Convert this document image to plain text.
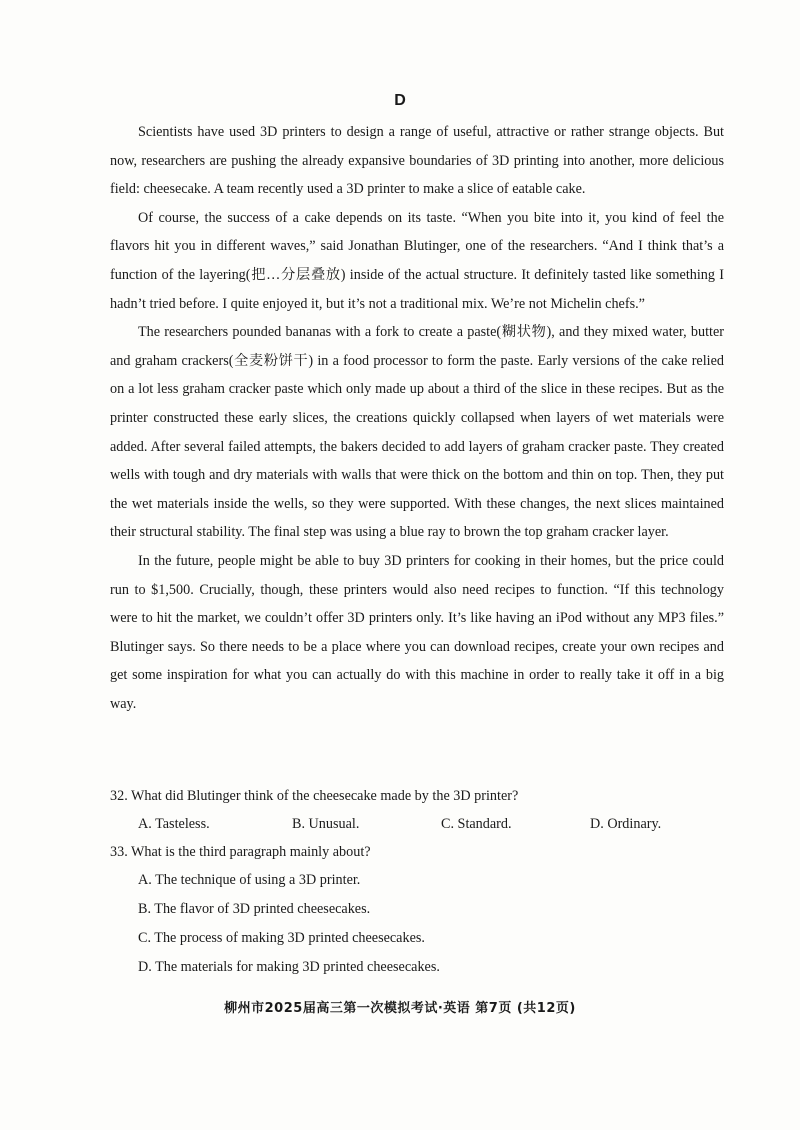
D

Scientists have used 3D printers to design a range of useful, attractive or rather strange objects. But now, researchers are pushing the already expansive boundaries of 3D printing into another, more delicious field: cheesecake. A team recently used a 3D printer to make a slice of eatable cake.

Of course, the success of a cake depends on its taste. “When you bite into it, you kind of feel the flavors hit you in different waves,” said Jonathan Blutinger, one of the researchers. “And I think that’s a function of the layering(把…分层叠放) inside of the actual structure. It definitely tasted like something I hadn’t tried before. I quite enjoyed it, but it’s not a traditional mix. We’re not Michelin chefs.”

The researchers pounded bananas with a fork to create a paste(糊状物), and they mixed water, butter and graham crackers(全麦粉饼干) in a food processor to form the paste. Early versions of the cake relied on a lot less graham cracker paste which only made up about a third of the slice in these recipes. But as the printer constructed these early slices, the creations quickly collapsed when layers of wet materials were added. After several failed attempts, the bakers decided to add layers of graham cracker paste. They created wells with tough and dry materials with walls that were thick on the bottom and thin on top. Then, they put the wet materials inside the wells, so they were supported. With these changes, the next slices maintained their structural stability. The final step was using a blue ray to brown the top graham cracker layer.

In the future, people might be able to buy 3D printers for cooking in their homes, but the price could run to $1,500. Crucially, though, these printers would also need recipes to function. “If this technology were to hit the market, we couldn’t offer 3D printers only. It’s like having an iPod without any MP3 files.” Blutinger says. So there needs to be a place where you can download recipes, create your own recipes and get some inspiration for what you can actually do with this machine in order to really take it off in a big way.

32. What did Blutinger think of the cheesecake made by the 3D printer?

A. Tasteless.	B. Unusual.	C. Standard.	D. Ordinary.

33. What is the third paragraph mainly about?

A. The technique of using a 3D printer.
B. The flavor of 3D printed cheesecakes.
C. The process of making 3D printed cheesecakes.
D. The materials for making 3D printed cheesecakes.
柳州市2025届高三第一次模拟考试·英语 第7页 (共12页)
